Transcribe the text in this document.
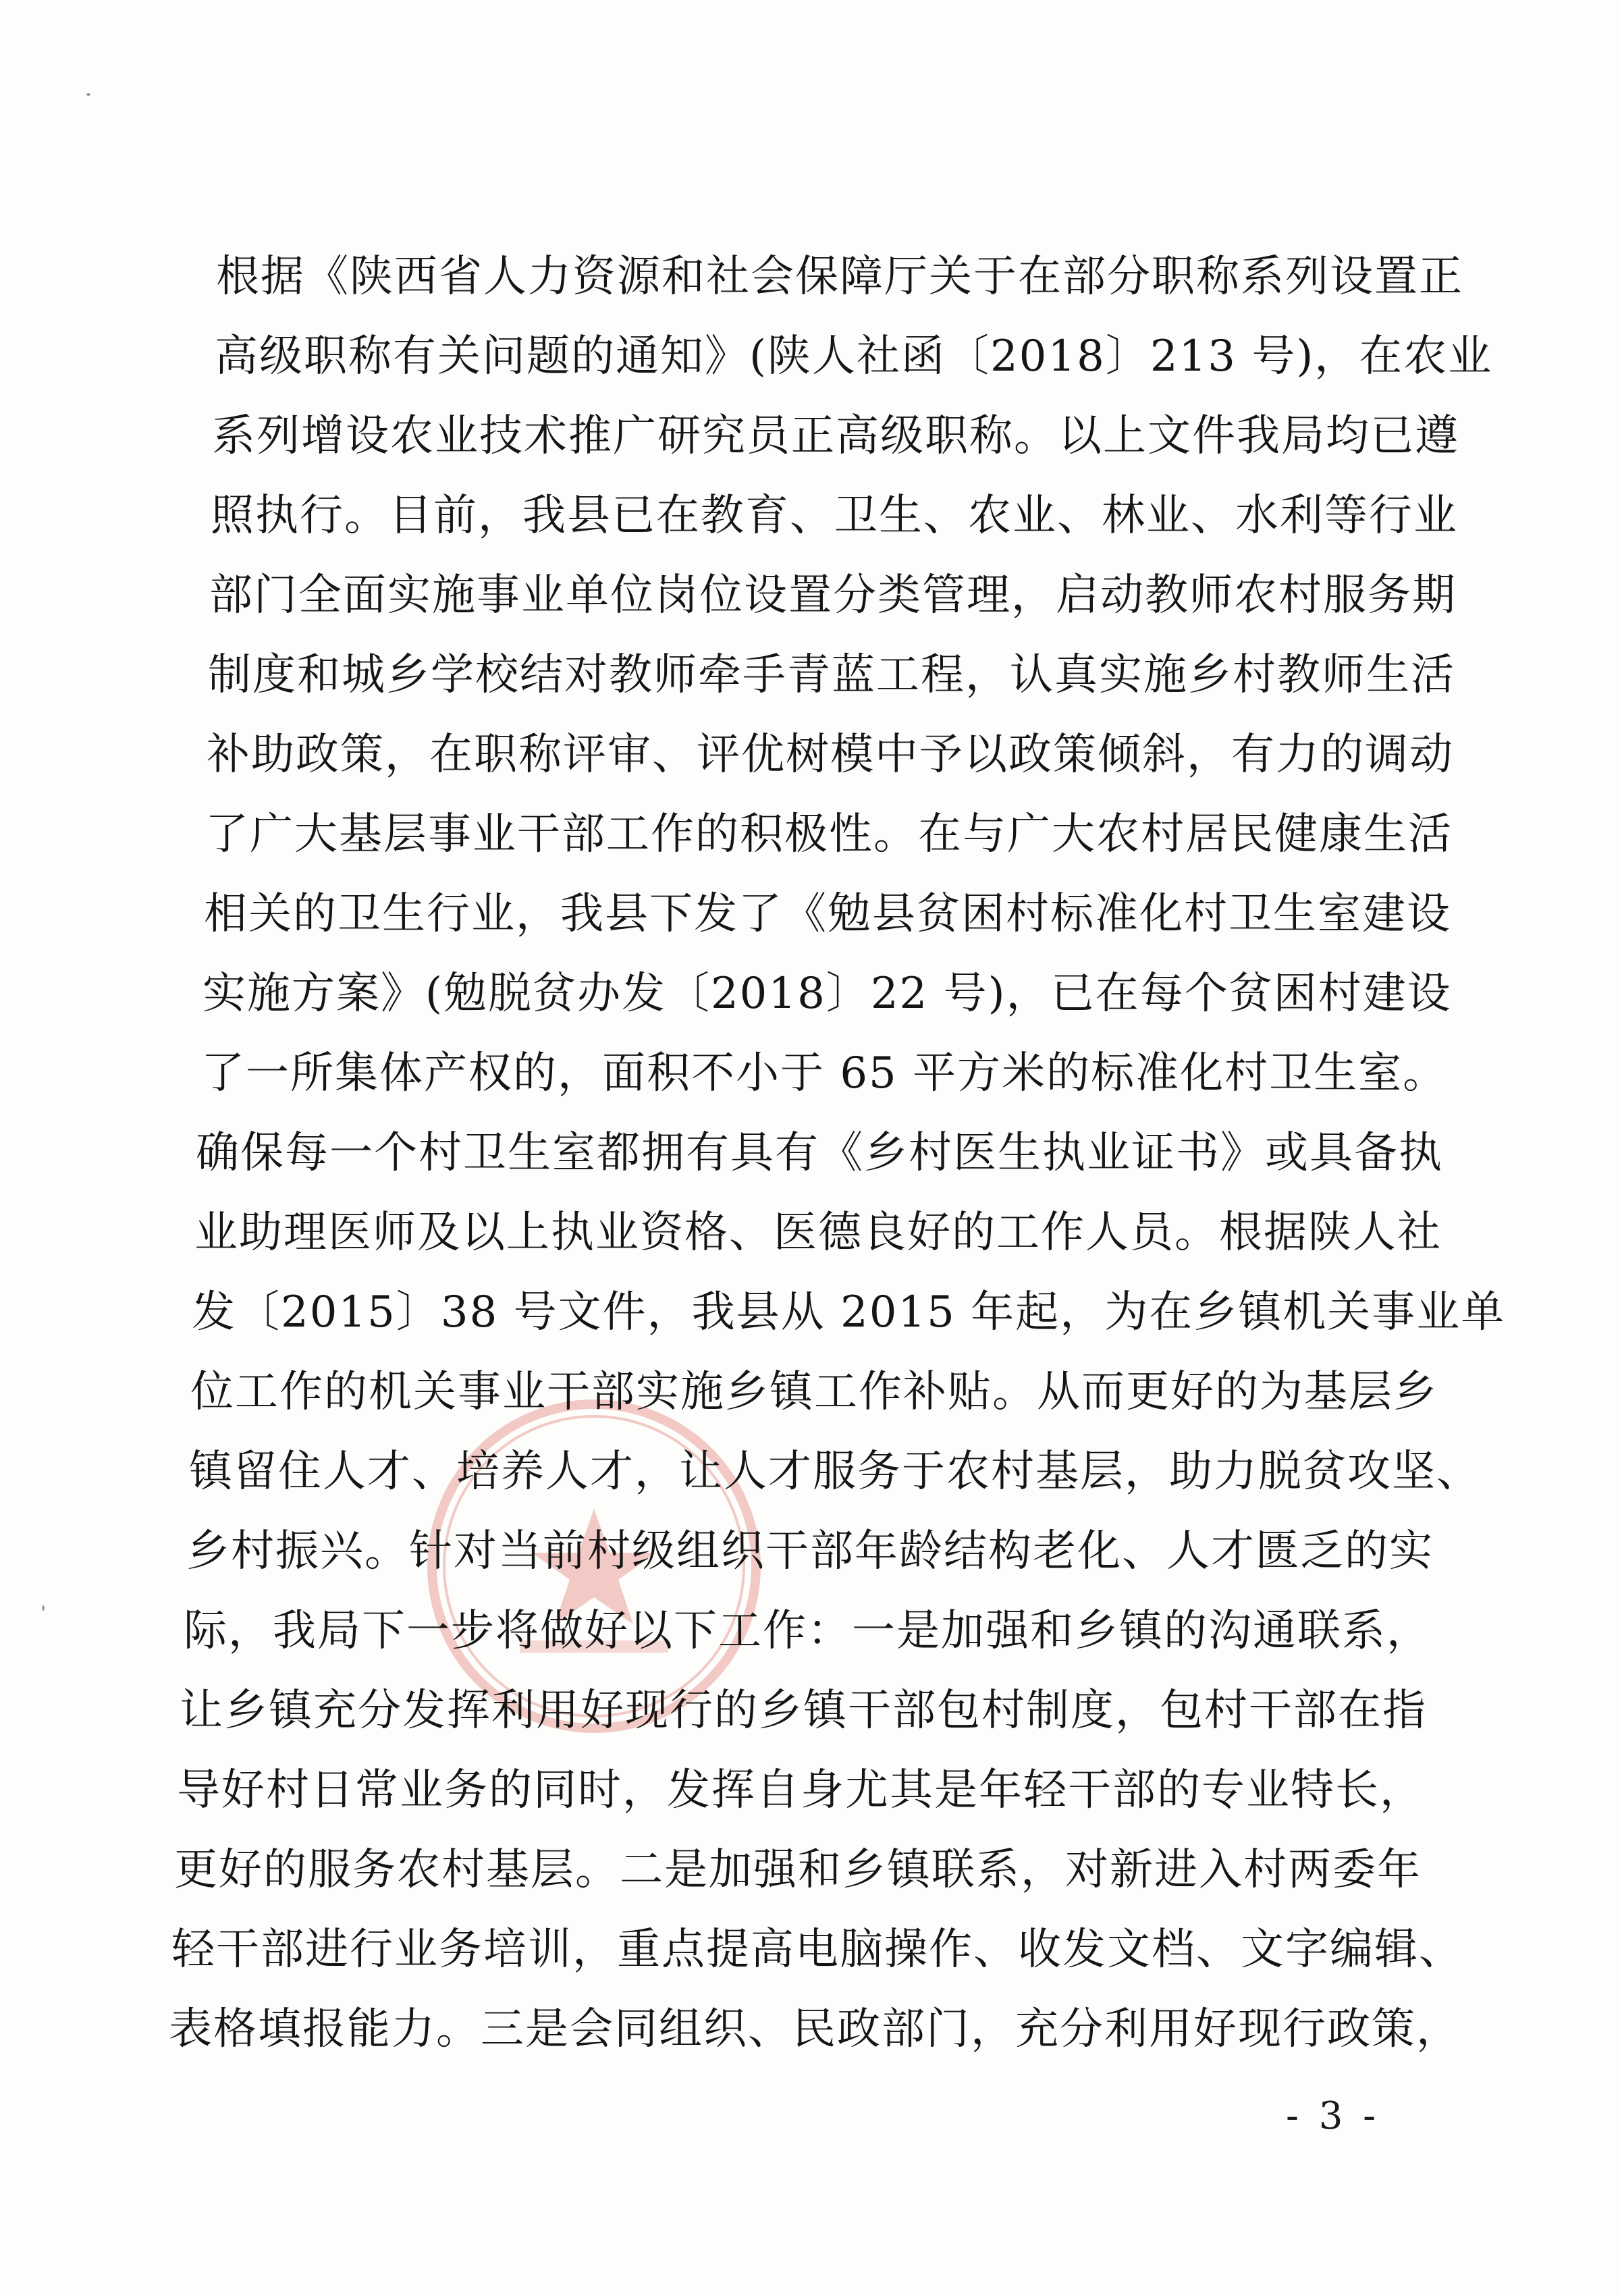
根据《陕西省人力资源和社会保障厅关于在部分职称系列设置正
高级职称有关问题的通知》(陕人社函〔2018〕213 号)，在农业
系列增设农业技术推广研究员正高级职称。以上文件我局均已遵
照执行。目前，我县已在教育、卫生、农业、林业、水利等行业
部门全面实施事业单位岗位设置分类管理，启动教师农村服务期
制度和城乡学校结对教师牵手青蓝工程，认真实施乡村教师生活
补助政策，在职称评审、评优树模中予以政策倾斜，有力的调动
了广大基层事业干部工作的积极性。在与广大农村居民健康生活
相关的卫生行业，我县下发了《勉县贫困村标准化村卫生室建设
实施方案》(勉脱贫办发〔2018〕22 号)，已在每个贫困村建设
了一所集体产权的，面积不小于 65 平方米的标准化村卫生室。
确保每一个村卫生室都拥有具有《乡村医生执业证书》或具备执
业助理医师及以上执业资格、医德良好的工作人员。根据陕人社
发〔2015〕38 号文件，我县从 2015 年起，为在乡镇机关事业单
位工作的机关事业干部实施乡镇工作补贴。从而更好的为基层乡
镇留住人才、培养人才，让人才服务于农村基层，助力脱贫攻坚、
乡村振兴。针对当前村级组织干部年龄结构老化、人才匮乏的实
际，我局下一步将做好以下工作：一是加强和乡镇的沟通联系，
让乡镇充分发挥利用好现行的乡镇干部包村制度，包村干部在指
导好村日常业务的同时，发挥自身尤其是年轻干部的专业特长，
更好的服务农村基层。二是加强和乡镇联系，对新进入村两委年
轻干部进行业务培训，重点提高电脑操作、收发文档、文字编辑、
表格填报能力。三是会同组织、民政部门，充分利用好现行政策，
- 3 -
